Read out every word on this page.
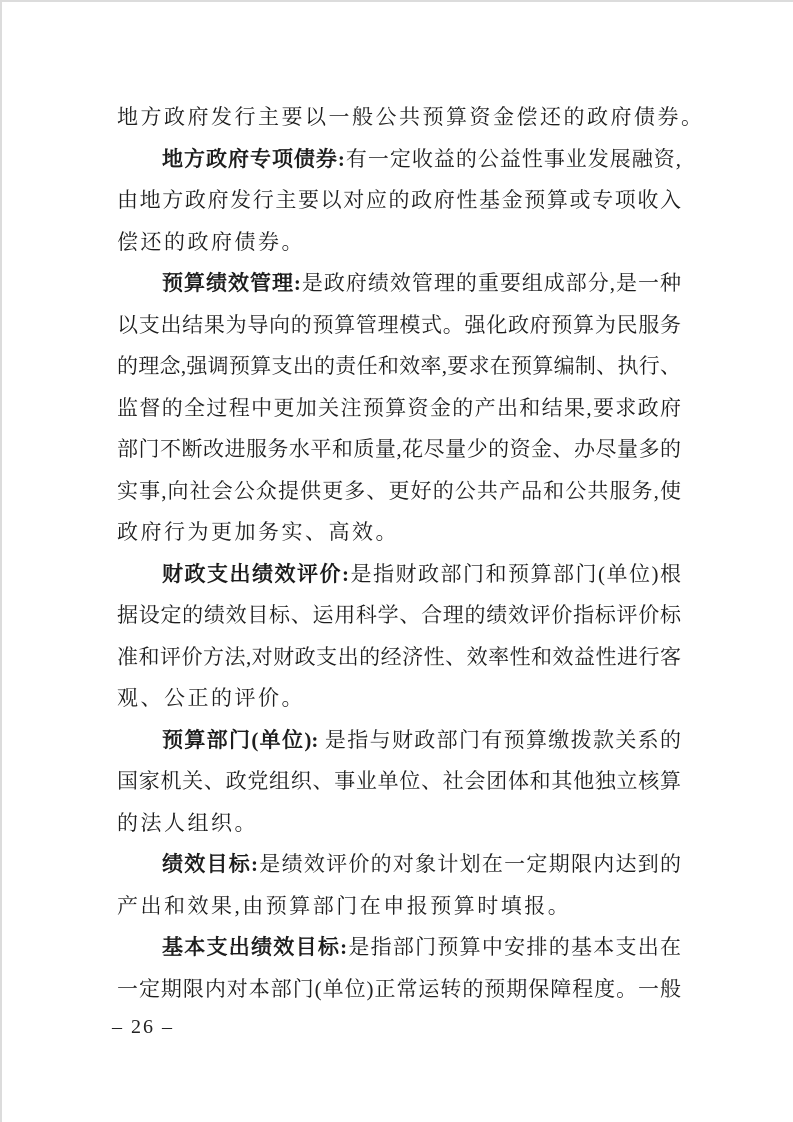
地方政府发行主要以一般公共预算资金偿还的政府债券。
地方政府专项债券:有一定收益的公益性事业发展融资,
由地方政府发行主要以对应的政府性基金预算或专项收入
偿还的政府债券。
预算绩效管理:是政府绩效管理的重要组成部分,是一种
以支出结果为导向的预算管理模式。强化政府预算为民服务
的理念,强调预算支出的责任和效率,要求在预算编制、执行、
监督的全过程中更加关注预算资金的产出和结果,要求政府
部门不断改进服务水平和质量,花尽量少的资金、办尽量多的
实事,向社会公众提供更多、更好的公共产品和公共服务,使
政府行为更加务实、高效。
财政支出绩效评价:是指财政部门和预算部门(单位)根
据设定的绩效目标、运用科学、合理的绩效评价指标评价标
准和评价方法,对财政支出的经济性、效率性和效益性进行客
观、公正的评价。
预算部门(单位): 是指与财政部门有预算缴拨款关系的
国家机关、政党组织、事业单位、社会团体和其他独立核算
的法人组织。
绩效目标:是绩效评价的对象计划在一定期限内达到的
产出和效果,由预算部门在申报预算时填报。
基本支出绩效目标:是指部门预算中安排的基本支出在
一定期限内对本部门(单位)正常运转的预期保障程度。一般
– 26 –
